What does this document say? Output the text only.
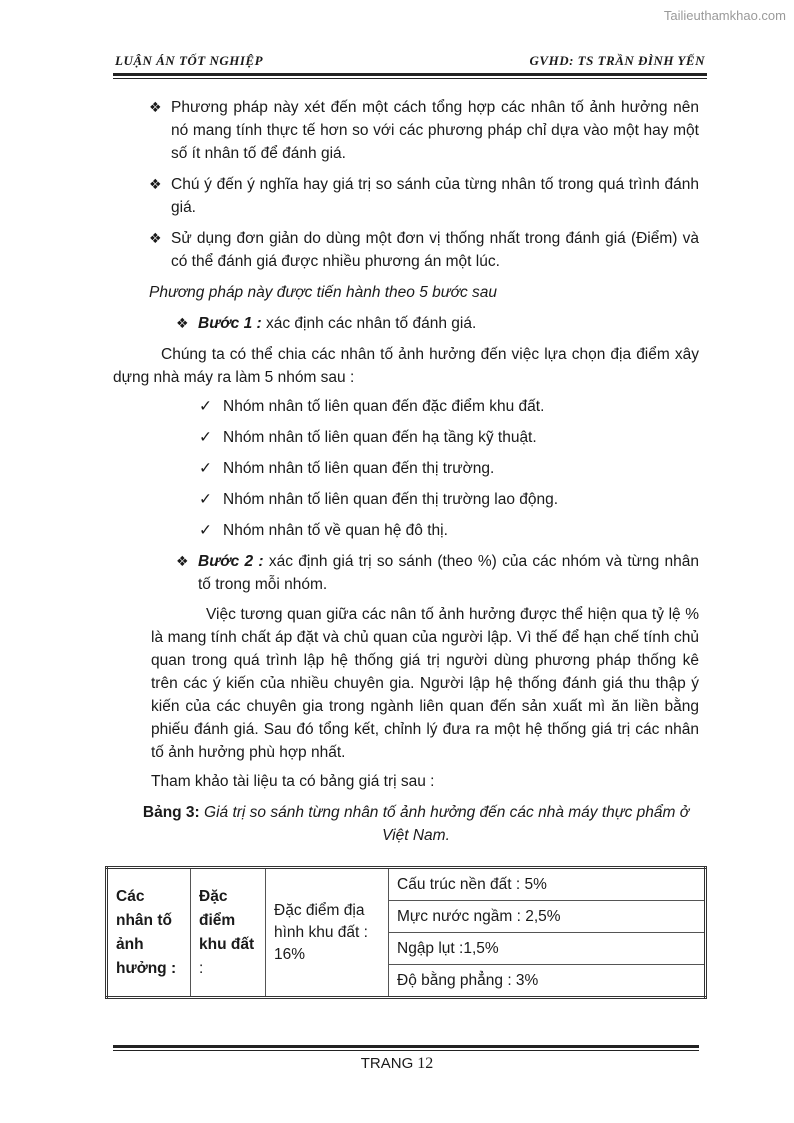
Tailieuthamkhao.com
LUẬN ÁN TỐT NGHIỆP	GVHD: TS TRẦN ĐÌNH YẾN
❖ Phương pháp này xét đến một cách tổng hợp các nhân tố ảnh hưởng nên nó mang tính thực tế hơn so với các phương pháp chỉ dựa vào một hay một số ít nhân tố để đánh giá.
❖ Chú ý đến ý nghĩa hay giá trị so sánh của từng nhân tố trong quá trình đánh giá.
❖ Sử dụng đơn giản do dùng một đơn vị thống nhất trong đánh giá (Điểm) và có thể đánh giá được nhiều phương án một lúc.
Phương pháp này được tiến hành theo 5 bước sau
❖ Bước 1 : xác định các nhân tố đánh giá.
Chúng ta có thể chia các nhân tố ảnh hưởng đến việc lựa chọn địa điểm xây dựng nhà máy ra làm 5 nhóm sau :
✓ Nhóm nhân tố liên quan đến đặc điểm khu đất.
✓ Nhóm nhân tố liên quan đến hạ tầng kỹ thuật.
✓ Nhóm nhân tố liên quan đến thị trường.
✓ Nhóm nhân tố liên quan đến thị trường lao động.
✓ Nhóm nhân tố về quan hệ đô thị.
❖ Bước 2 : xác định giá trị so sánh (theo %) của các nhóm và từng nhân tố trong mỗi nhóm.
Việc tương quan giữa các nân tố ảnh hưởng được thể hiện qua tỷ lệ % là mang tính chất áp đặt và chủ quan của người lập. Vì thế để hạn chế tính chủ quan trong quá trình lập hệ thống giá trị người dùng phương pháp thống kê trên các ý kiến của nhiều chuyên gia. Người lập hệ thống đánh giá thu thập ý kiến của các chuyên gia trong ngành liên quan đến sản xuất mì ăn liền bằng phiếu đánh giá. Sau đó tổng kết, chỉnh lý đưa ra một hệ thống giá trị các nhân tố ảnh hưởng phù hợp nhất.
Tham khảo tài liệu ta có bảng giá trị sau :
Bảng 3: Giá trị so sánh từng nhân tố ảnh hưởng đến các nhà máy thực phẩm ở Việt Nam.
Các nhân tố ảnh hưởng :	Đặc điểm khu đất :	Đặc điểm địa hình khu đất : 16%	Cấu trúc nền đất : 5%
Mực nước ngầm : 2,5%
Ngập lụt :1,5%
Độ bằng phẳng : 3%
TRANG 12
